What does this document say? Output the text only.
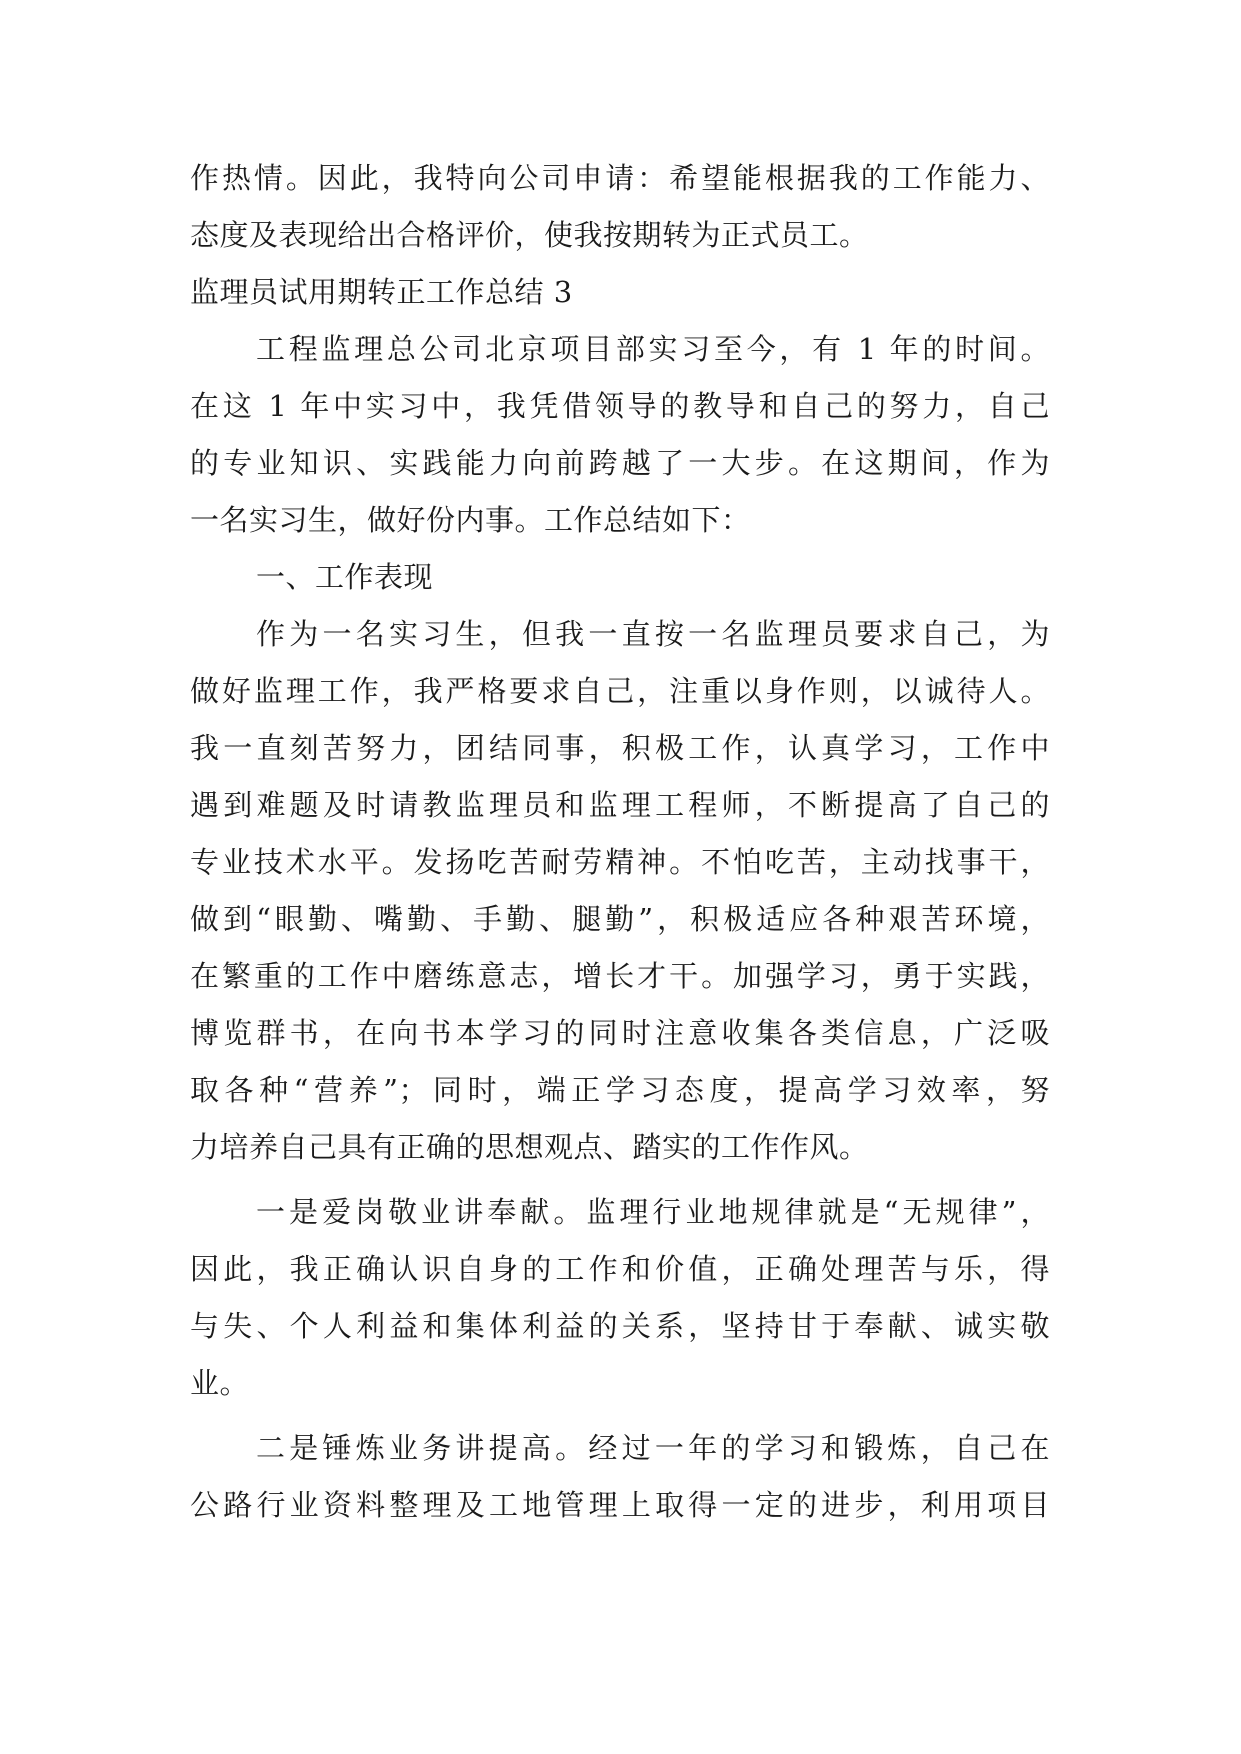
作热情。因此，我特向公司申请：希望能根据我的工作能力、
态度及表现给出合格评价，使我按期转为正式员工。
监理员试用期转正工作总结 3
工程监理总公司北京项目部实习至今，有 1 年的时间。
在这 1 年中实习中，我凭借领导的教导和自己的努力，自己
的专业知识、实践能力向前跨越了一大步。在这期间，作为
一名实习生，做好份内事。工作总结如下：
一、工作表现
作为一名实习生，但我一直按一名监理员要求自己，为
做好监理工作，我严格要求自己，注重以身作则，以诚待人。
我一直刻苦努力，团结同事，积极工作，认真学习，工作中
遇到难题及时请教监理员和监理工程师，不断提高了自己的
专业技术水平。发扬吃苦耐劳精神。不怕吃苦，主动找事干，
做到“眼勤、嘴勤、手勤、腿勤”，积极适应各种艰苦环境，
在繁重的工作中磨练意志，增长才干。加强学习，勇于实践，
博览群书，在向书本学习的同时注意收集各类信息，广泛吸
取各种“营养”；同时，端正学习态度，提高学习效率，努
力培养自己具有正确的思想观点、踏实的工作作风。
一是爱岗敬业讲奉献。监理行业地规律就是“无规律”，
因此，我正确认识自身的工作和价值，正确处理苦与乐，得
与失、个人利益和集体利益的关系，坚持甘于奉献、诚实敬
业。
二是锤炼业务讲提高。经过一年的学习和锻炼，自己在
公路行业资料整理及工地管理上取得一定的进步，利用项目
